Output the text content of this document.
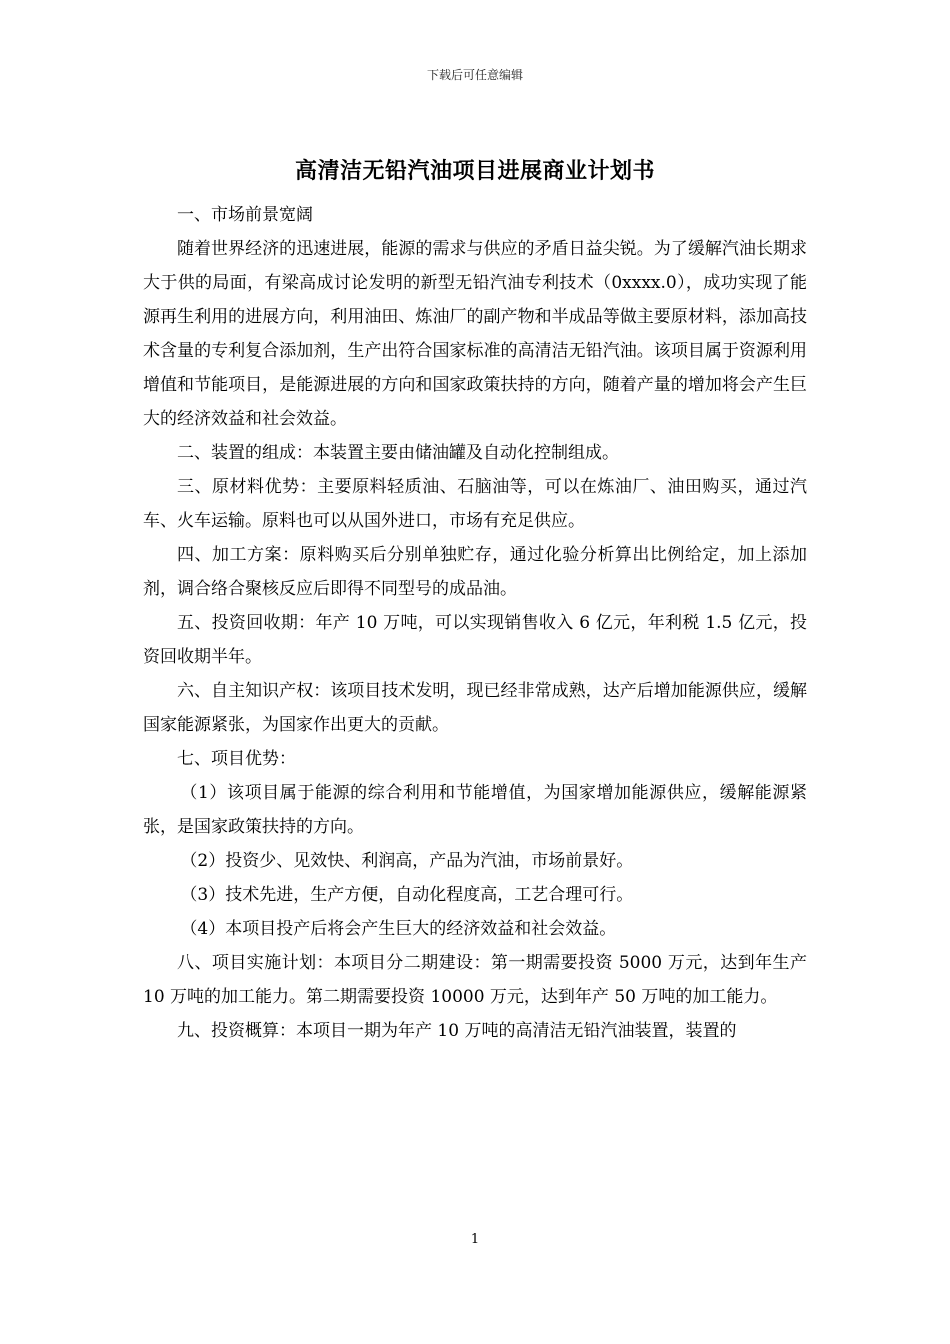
下载后可任意编辑
高清洁无铅汽油项目进展商业计划书

一、市场前景宽阔

随着世界经济的迅速进展，能源的需求与供应的矛盾日益尖锐。为了缓解汽油长期求大于供的局面，有梁高成讨论发明的新型无铅汽油专利技术（0xxxx.0），成功实现了能源再生利用的进展方向，利用油田、炼油厂的副产物和半成品等做主要原材料，添加高技术含量的专利复合添加剂，生产出符合国家标准的高清洁无铅汽油。该项目属于资源利用增值和节能项目，是能源进展的方向和国家政策扶持的方向，随着产量的增加将会产生巨大的经济效益和社会效益。

二、装置的组成：本装置主要由储油罐及自动化控制组成。

三、原材料优势：主要原料轻质油、石脑油等，可以在炼油厂、油田购买，通过汽车、火车运输。原料也可以从国外进口，市场有充足供应。

四、加工方案：原料购买后分别单独贮存，通过化验分析算出比例给定，加上添加剂，调合络合聚核反应后即得不同型号的成品油。

五、投资回收期：年产 10 万吨，可以实现销售收入 6 亿元，年利税 1.5 亿元，投资回收期半年。

六、自主知识产权：该项目技术发明，现已经非常成熟，达产后增加能源供应，缓解国家能源紧张，为国家作出更大的贡献。

七、项目优势：

（1）该项目属于能源的综合利用和节能增值，为国家增加能源供应，缓解能源紧张，是国家政策扶持的方向。

（2）投资少、见效快、利润高，产品为汽油，市场前景好。

（3）技术先进，生产方便，自动化程度高，工艺合理可行。

（4）本项目投产后将会产生巨大的经济效益和社会效益。

八、项目实施计划：本项目分二期建设：第一期需要投资 5000 万元，达到年生产 10 万吨的加工能力。第二期需要投资 10000 万元，达到年产 50 万吨的加工能力。

九、投资概算：本项目一期为年产 10 万吨的高清洁无铅汽油装置，装置的

1
